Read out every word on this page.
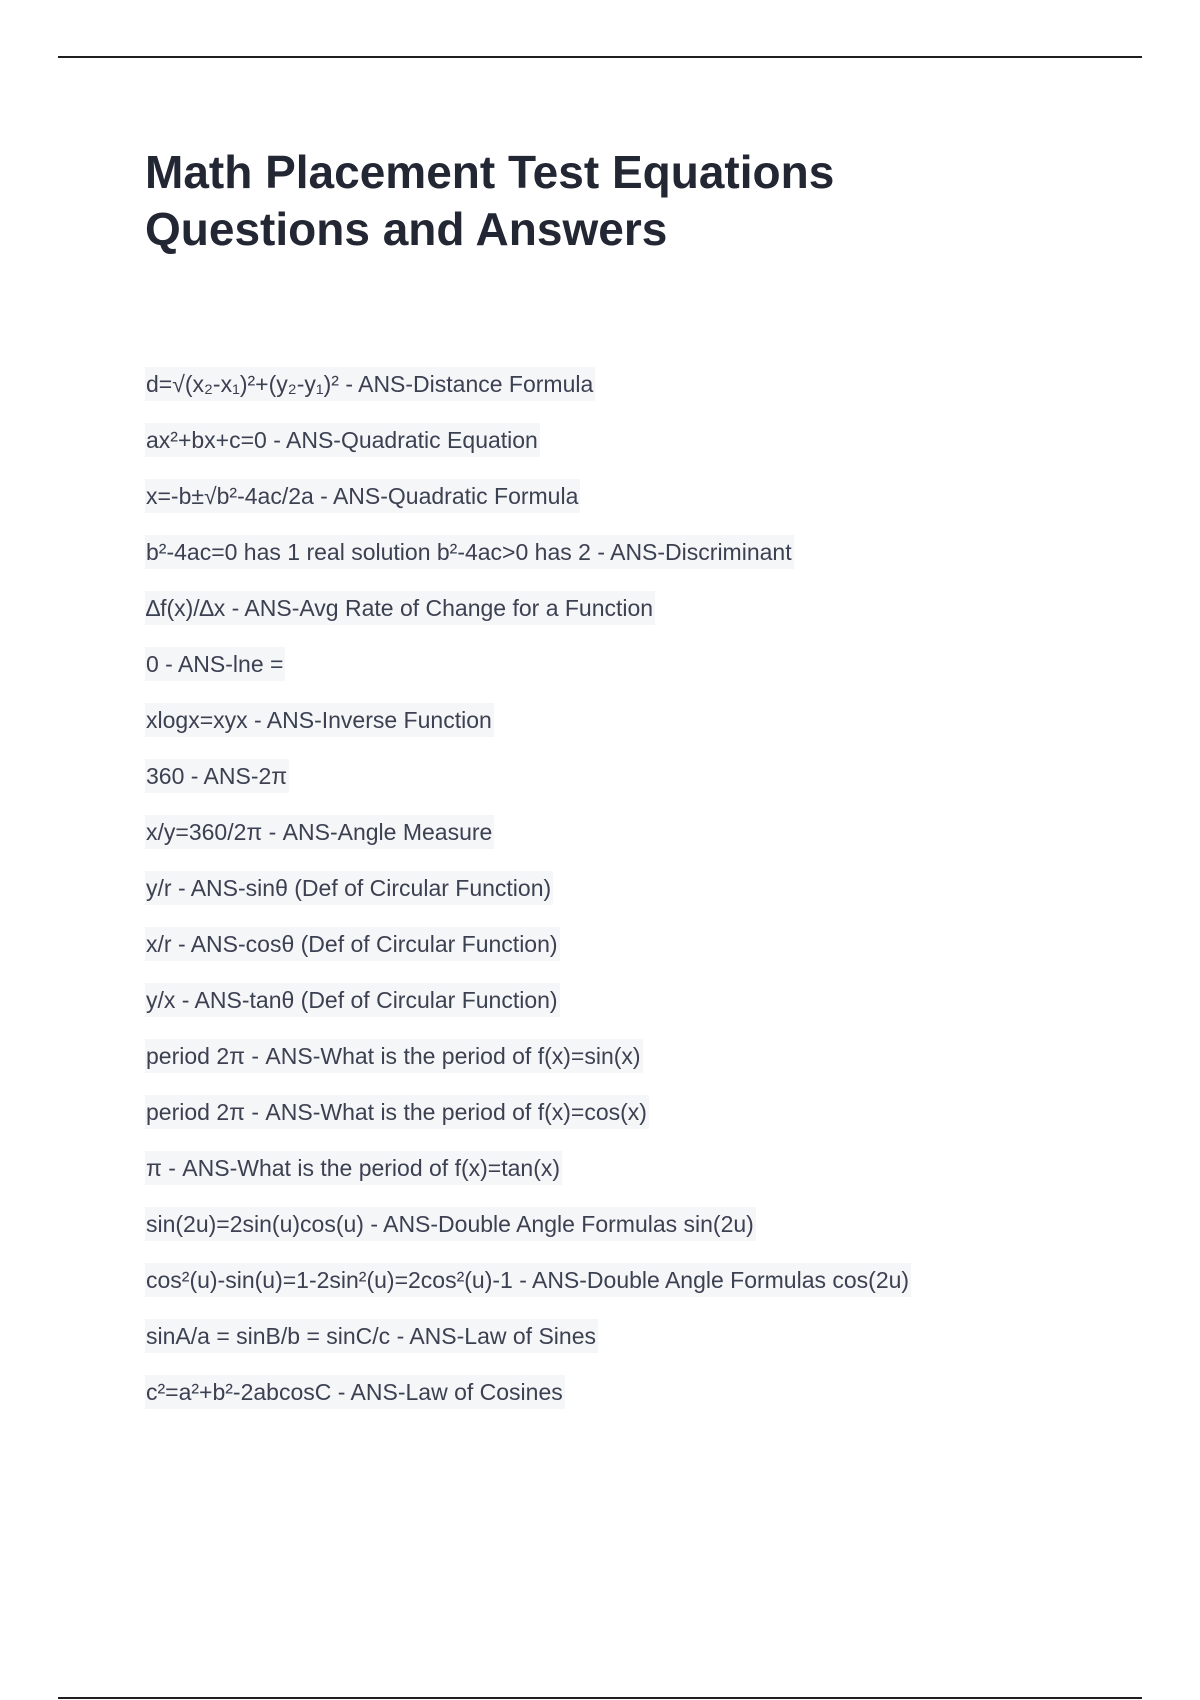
Math Placement Test Equations Questions and Answers
d=√(x₂-x₁)²+(y₂-y₁)² - ANS-Distance Formula
ax²+bx+c=0 - ANS-Quadratic Equation
x=-b±√b²-4ac/2a - ANS-Quadratic Formula
b²-4ac=0 has 1 real solution b²-4ac>0 has 2 - ANS-Discriminant
∆f(x)/∆x - ANS-Avg Rate of Change for a Function
0 - ANS-lne =
xlogx=xyx - ANS-Inverse Function
360 - ANS-2π
x/y=360/2π - ANS-Angle Measure
y/r - ANS-sinθ (Def of Circular Function)
x/r - ANS-cosθ (Def of Circular Function)
y/x - ANS-tanθ (Def of Circular Function)
period 2π - ANS-What is the period of f(x)=sin(x)
period 2π - ANS-What is the period of f(x)=cos(x)
π - ANS-What is the period of f(x)=tan(x)
sin(2u)=2sin(u)cos(u) - ANS-Double Angle Formulas sin(2u)
cos²(u)-sin(u)=1-2sin²(u)=2cos²(u)-1 - ANS-Double Angle Formulas cos(2u)
sinA/a = sinB/b = sinC/c - ANS-Law of Sines
c²=a²+b²-2abcosC - ANS-Law of Cosines
